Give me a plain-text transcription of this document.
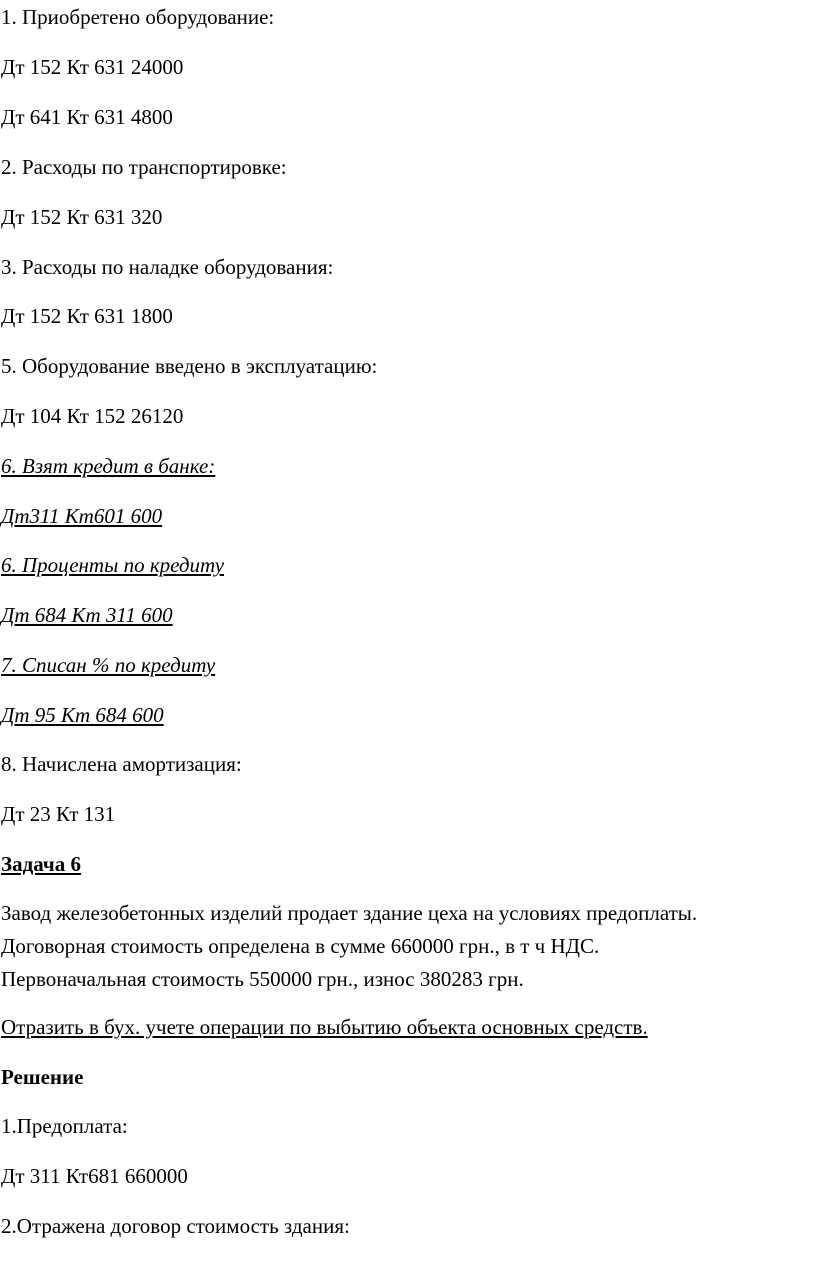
1. Приобретено оборудование:

Дт 152 Кт 631 24000

Дт 641 Кт 631 4800

2. Расходы по транспортировке:

Дт 152 Кт 631 320

3. Расходы по наладке оборудования:

Дт 152 Кт 631 1800

5. Оборудование введено в эксплуатацию:

Дт 104 Кт 152 26120

6. Взят кредит в банке:

Дт311 Кт601 600

6. Проценты по кредиту

Дт 684 Кт 311 600

7. Списан % по кредиту

Дт 95 Кт 684 600

8. Начислена амортизация:

Дт 23 Кт 131

Задача 6

Завод железобетонных изделий продает здание цеха на условиях предоплаты.
Договорная стоимость определена в сумме 660000 грн., в т ч НДС.
Первоначальная стоимость 550000 грн., износ 380283 грн.

Отразить в бух. учете операции по выбытию объекта основных средств.

Решение

1.Предоплата:

Дт 311 Кт681 660000

2.Отражена договор стоимость здания:
